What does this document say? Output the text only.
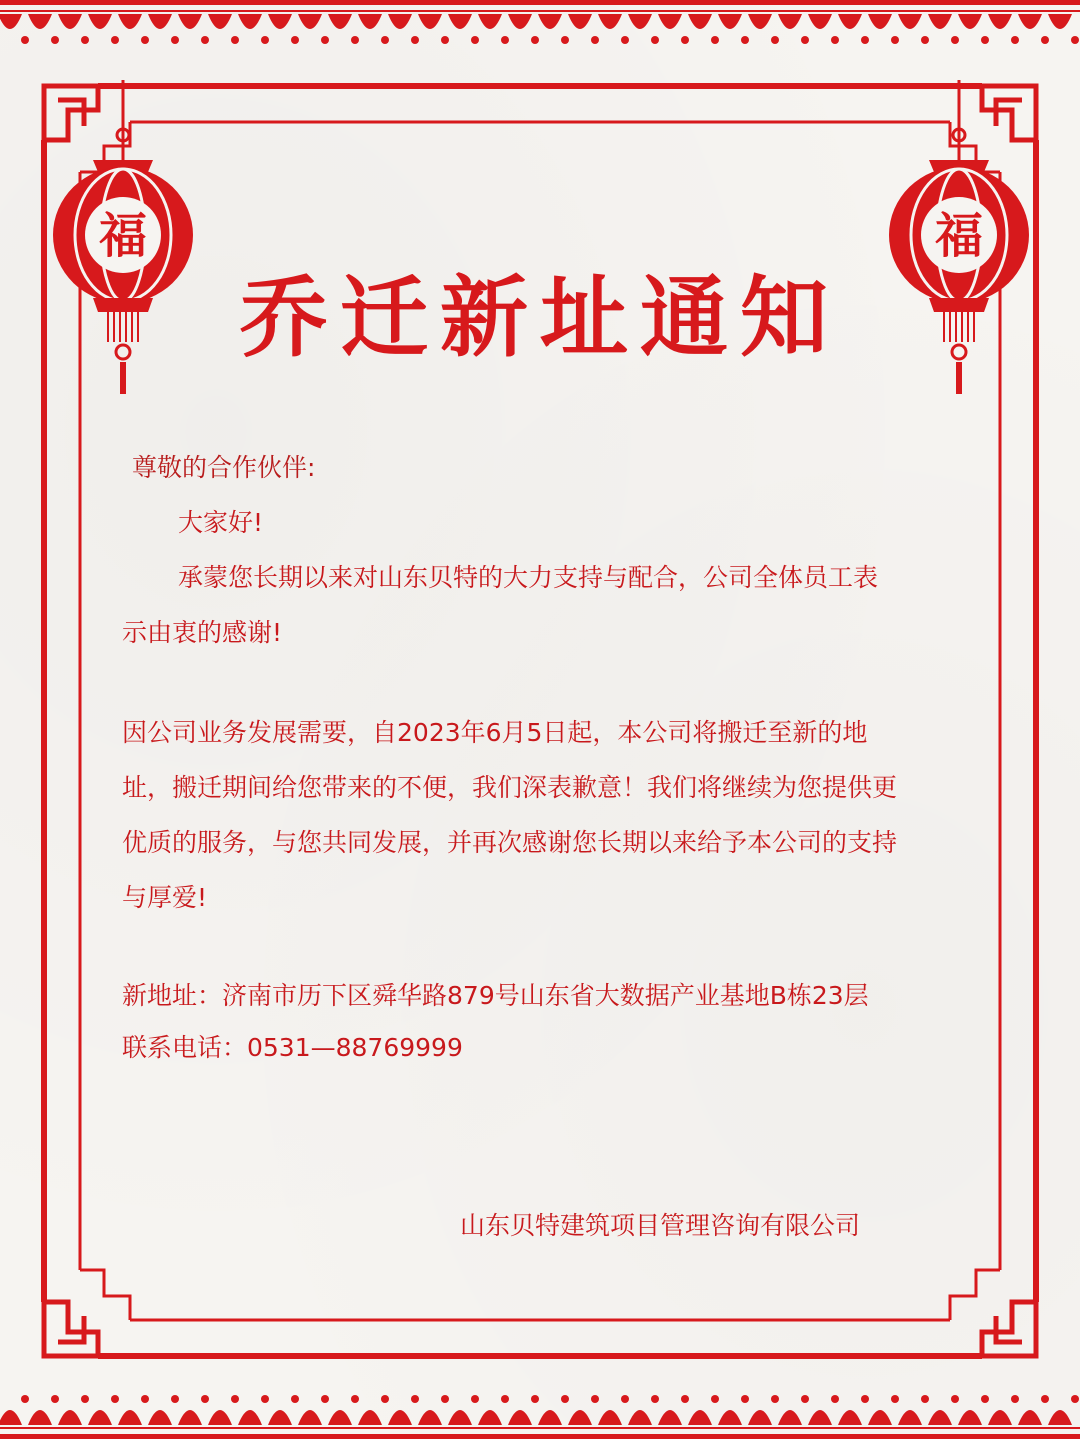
福	福
乔迁新址通知
尊敬的合作伙伴:
大家好!
承蒙您长期以来对山东贝特的大力支持与配合，公司全体员工表
示由衷的感谢!
因公司业务发展需要，自2023年6月5日起，本公司将搬迁至新的地
址，搬迁期间给您带来的不便，我们深表歉意！我们将继续为您提供更
优质的服务，与您共同发展，并再次感谢您长期以来给予本公司的支持
与厚爱!
新地址：济南市历下区舜华路879号山东省大数据产业基地B栋23层
联系电话：0531—88769999
山东贝特建筑项目管理咨询有限公司
